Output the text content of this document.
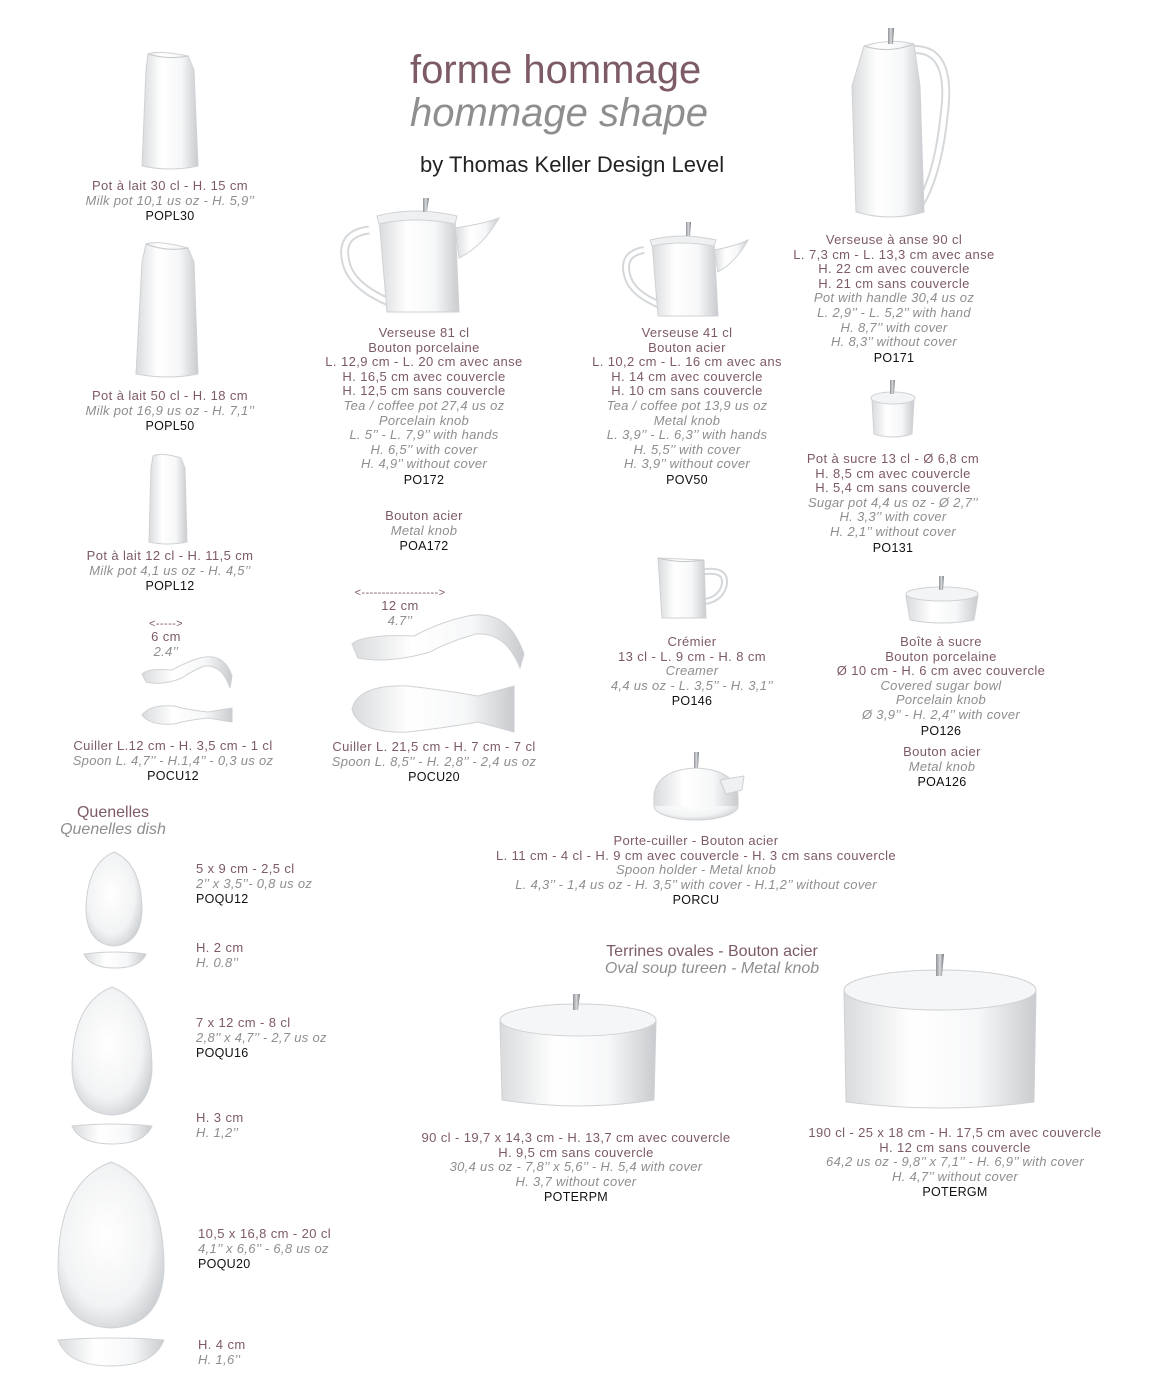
forme hommage
hommage shape
by Thomas Keller Design Level
Pot à lait 30 cl - H. 15 cm
Milk pot 10,1 us oz - H. 5,9’’
POPL30
Pot à lait 50 cl - H. 18 cm
Milk pot 16,9 us oz - H. 7,1’’
POPL50
Pot à lait 12 cl - H. 11,5 cm
Milk pot 4,1 us oz - H. 4,5’’
POPL12
<----->
6 cm
2.4’’
Cuiller L.12 cm - H. 3,5 cm - 1 cl
Spoon L. 4,7’’ - H.1,4’’ - 0,3 us oz
POCU12
Verseuse 81 cl
Bouton porcelaine
L. 12,9 cm - L. 20 cm avec anse
H. 16,5 cm avec couvercle
H. 12,5 cm sans couvercle
Tea / coffee pot 27,4 us oz
Porcelain knob
L. 5’’ - L. 7,9’’ with hands
H. 6,5’’ with cover
H. 4,9’’ without cover
PO172
Bouton acier
Metal knob
POA172
<------------------->
12 cm
4.7’’
Cuiller L. 21,5 cm - H. 7 cm - 7 cl
Spoon L. 8,5’’ - H. 2,8’’ - 2,4 us oz
POCU20
Verseuse 41 cl
Bouton acier
L. 10,2 cm - L. 16 cm avec ans
H. 14 cm avec couvercle
H. 10 cm sans couvercle
Tea / coffee pot 13,9 us oz
Metal knob
L. 3,9’’ - L. 6,3’’ with hands
H. 5,5’’ with cover
H. 3,9’’ without cover
POV50
Crémier
13 cl - L. 9 cm - H. 8 cm
Creamer
4,4 us oz - L. 3,5’’ - H. 3,1’’
PO146
Porte-cuiller - Bouton acier
L. 11 cm - 4 cl - H. 9 cm avec couvercle - H. 3 cm sans couvercle
Spoon holder - Metal knob
L. 4,3’’ - 1,4 us oz - H. 3,5’’ with cover - H.1,2’’ without cover
PORCU
Verseuse à anse 90 cl
L. 7,3 cm - L. 13,3 cm avec anse
H. 22 cm avec couvercle
H. 21 cm sans couvercle
Pot with handle 30,4 us oz
L. 2,9’’ - L. 5,2’’ with hand
H. 8,7’’ with cover
H. 8,3’’ without cover
PO171
Pot à sucre 13 cl - Ø 6,8 cm
H. 8,5 cm avec couvercle
H. 5,4 cm sans couvercle
Sugar pot 4,4 us oz - Ø 2,7’’
H. 3,3’’ with cover
H. 2,1’’ without cover
PO131
Boîte à sucre
Bouton porcelaine
Ø 10 cm - H. 6 cm avec couvercle
Covered sugar bowl
Porcelain knob
Ø 3,9’’ - H. 2,4’’ with cover
PO126
Bouton acier
Metal knob
POA126
Quenelles
Quenelles dish
5 x 9 cm - 2,5 cl
2’’ x 3,5’’- 0,8 us oz
POQU12
H. 2 cm
H. 0.8’’
7 x 12 cm - 8 cl
2,8’’ x 4,7’’ - 2,7 us oz
POQU16
H. 3 cm
H. 1,2’’
10,5 x 16,8 cm - 20 cl
4,1’’ x 6,6’’ - 6,8 us oz
POQU20
H. 4 cm
H. 1,6’’
Terrines ovales - Bouton acier
Oval soup tureen - Metal knob
90 cl - 19,7 x 14,3 cm - H. 13,7 cm avec couvercle
H. 9,5 cm sans couvercle
30,4 us oz - 7,8’’ x 5,6’’ - H. 5,4 with cover
H. 3,7 without cover
POTERPM
190 cl - 25 x 18 cm - H. 17,5 cm avec couvercle
H. 12 cm sans couvercle
64,2 us oz - 9,8’’ x 7,1’’ - H. 6,9’’ with cover
H. 4,7’’ without cover
POTERGM
